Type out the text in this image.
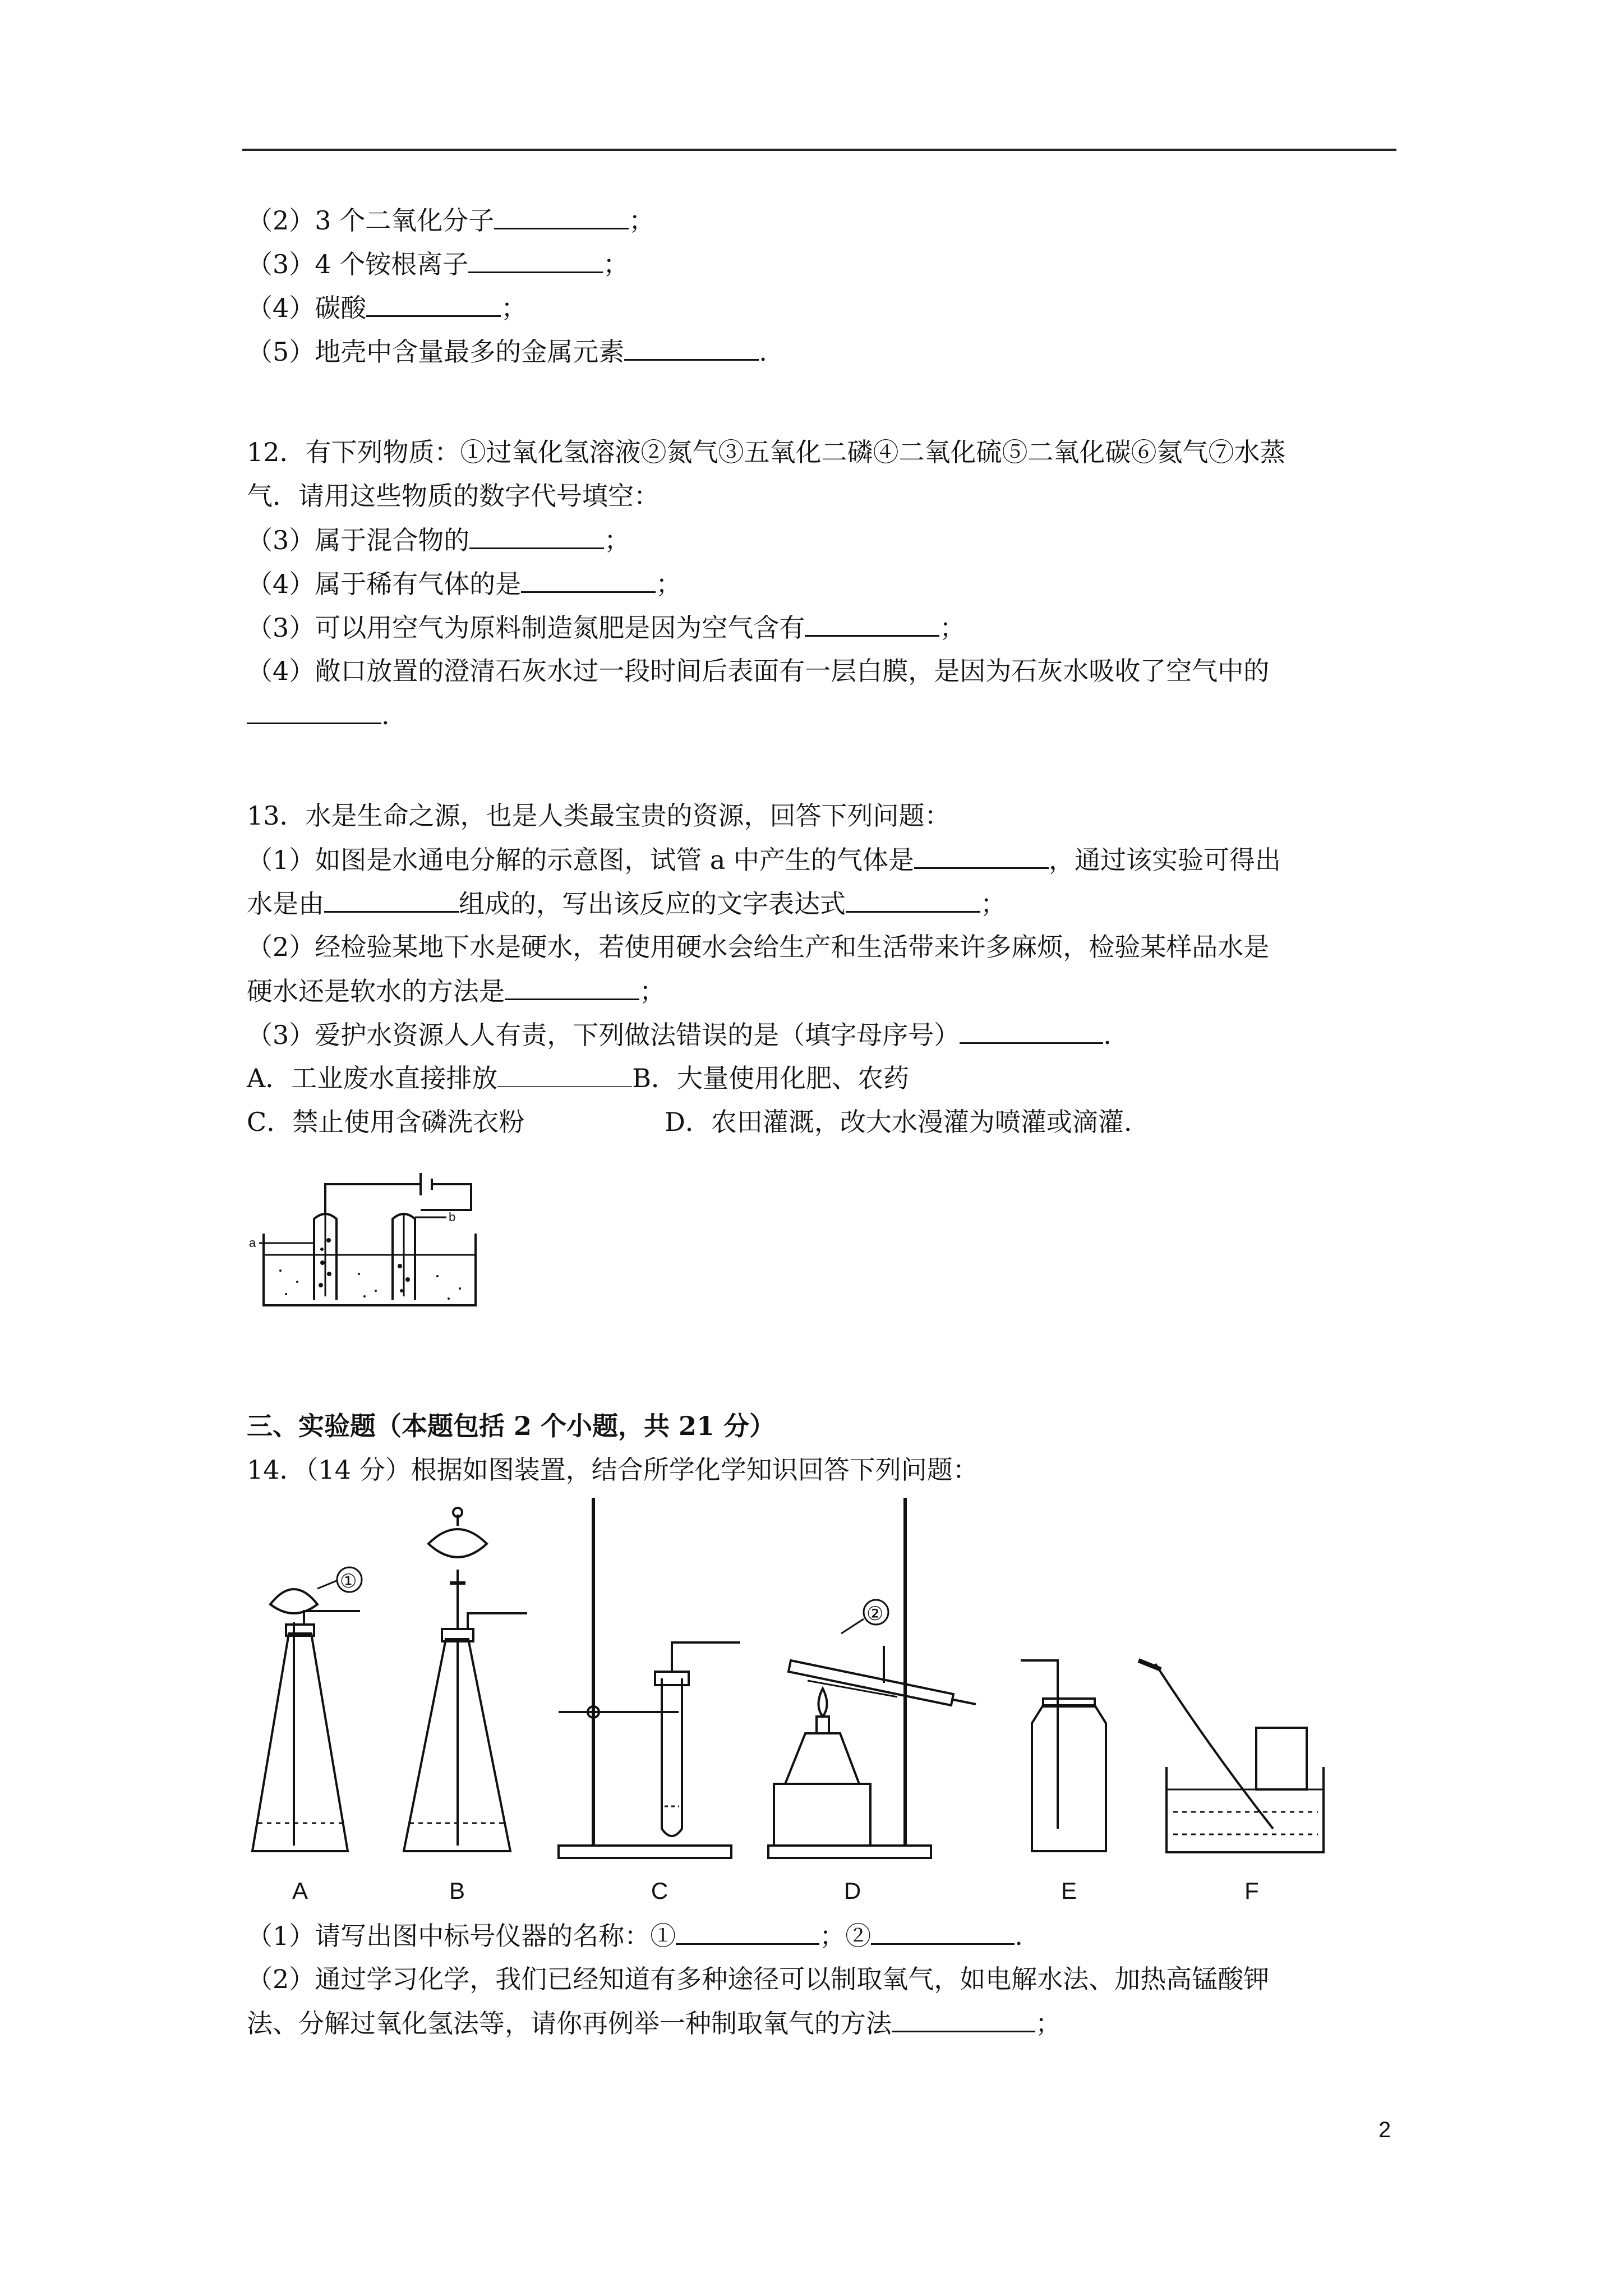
（2）3 个二氧化分子	；
（3）4 个铵根离子	；
（4）碳酸	；
（5）地壳中含量最多的金属元素	.
12．有下列物质：①过氧化氢溶液②氮气③五氧化二磷④二氧化硫⑤二氧化碳⑥氦气⑦水蒸
气．请用这些物质的数字代号填空：
（3）属于混合物的	；
（4）属于稀有气体的是	；
（3）可以用空气为原料制造氮肥是因为空气含有	；
（4）敞口放置的澄清石灰水过一段时间后表面有一层白膜，是因为石灰水吸收了空气中的
.
13．水是生命之源，也是人类最宝贵的资源，回答下列问题：
（1）如图是水通电分解的示意图，试管 a 中产生的气体是	，通过该实验可得出
水是由	组成的，写出该反应的文字表达式	；
（2）经检验某地下水是硬水，若使用硬水会给生产和生活带来许多麻烦，检验某样品水是
硬水还是软水的方法是	；
（3）爱护水资源人人有责，下列做法错误的是（填字母序号）	.
A．工业废水直接排放	B．大量使用化肥、农药
C．禁止使用含磷洗衣粉	D．农田灌溉，改大水漫灌为喷灌或滴灌.
a
b
三、实验题（本题包括 2 个小题，共 21 分）
14．（14 分）根据如图装置，结合所学化学知识回答下列问题：
A	B	C	D	E	F
①
②
（1）请写出图中标号仪器的名称：①	；②	.
（2）通过学习化学，我们已经知道有多种途径可以制取氧气，如电解水法、加热高锰酸钾
法、分解过氧化氢法等，请你再例举一种制取氧气的方法	；
2
